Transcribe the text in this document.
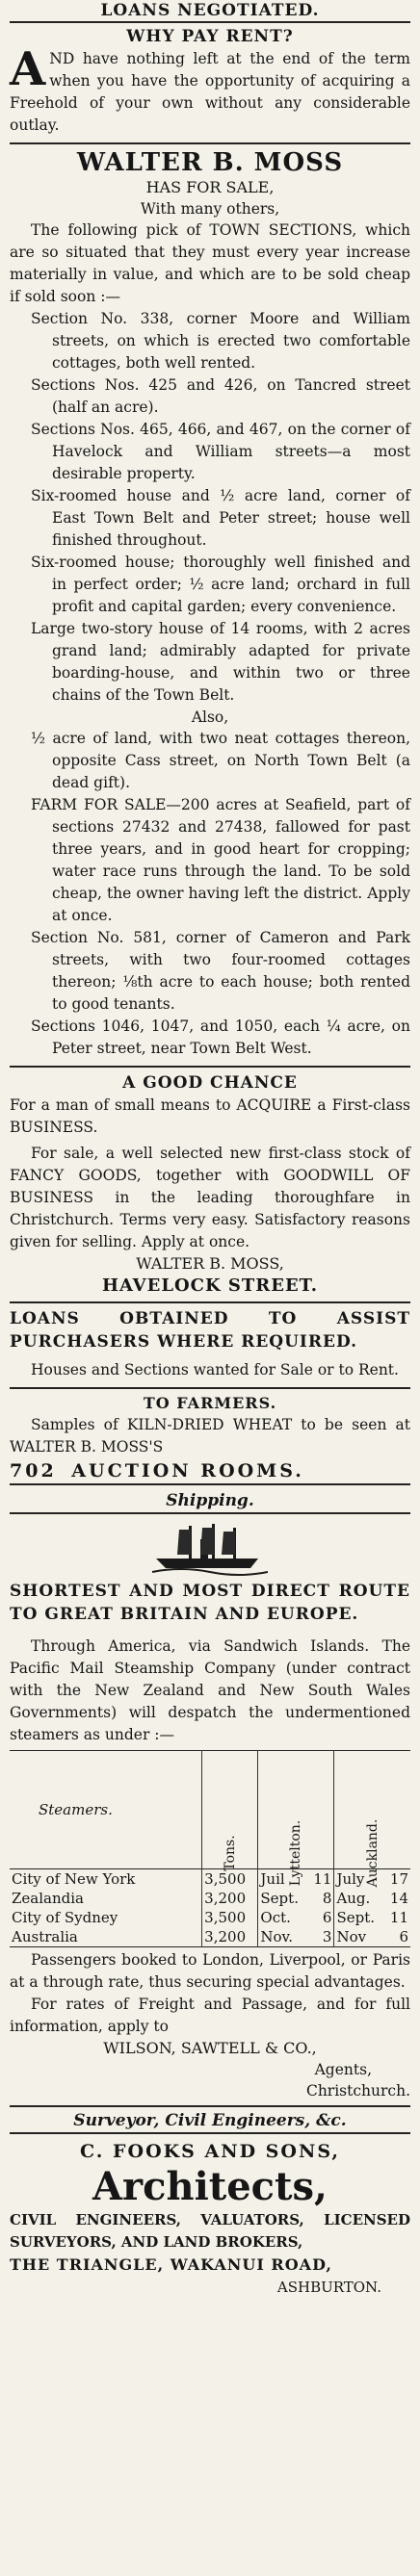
LOANS NEGOTIATED.
WHY PAY RENT?

AND have nothing left at the end of the term when you have the opportunity of acquiring a Freehold of your own without any considerable outlay.

WALTER B. MOSS
HAS FOR SALE,
With many others,

The following pick of TOWN SECTIONS, which are so situated that they must every year increase materially in value, and which are to be sold cheap if sold soon :—

Section No. 338, corner Moore and William streets, on which is erected two comfortable cottages, both well rented.

Sections Nos. 425 and 426, on Tancred street (half an acre).

Sections Nos. 465, 466, and 467, on the corner of Havelock and William streets—a most desirable property.

Six-roomed house and ½ acre land, corner of East Town Belt and Peter street; house well finished throughout.

Six-roomed house; thoroughly well finished and in perfect order; ½ acre land; orchard in full profit and capital garden; every convenience.

Large two-story house of 14 rooms, with 2 acres grand land; admirably adapted for private boarding-house, and within two or three chains of the Town Belt.

Also,

½ acre of land, with two neat cottages thereon, opposite Cass street, on North Town Belt (a dead gift).

FARM FOR SALE—200 acres at Seafield, part of sections 27432 and 27438, fallowed for past three years, and in good heart for cropping; water race runs through the land. To be sold cheap, the owner having left the district. Apply at once.

Section No. 581, corner of Cameron and Park streets, with two four-roomed cottages thereon; ⅛th acre to each house; both rented to good tenants.

Sections 1046, 1047, and 1050, each ¼ acre, on Peter street, near Town Belt West.

A GOOD CHANCE

For a man of small means to ACQUIRE a First-class BUSINESS.

For sale, a well selected new first-class stock of FANCY GOODS, together with GOODWILL OF BUSINESS in the leading thoroughfare in Christchurch. Terms very easy. Satisfactory reasons given for selling. Apply at once.

WALTER B. MOSS,
HAVELOCK STREET.
LOANS OBTAINED TO ASSIST PURCHASERS WHERE REQUIRED.

Houses and Sections wanted for Sale or to Rent.

TO FARMERS.

Samples of KILN-DRIED WHEAT to be seen at WALTER B. MOSS'S

702 AUCTION ROOMS.
Shipping.
SHORTEST AND MOST DIRECT ROUTE TO GREAT BRITAIN AND EUROPE.

Through America, via Sandwich Islands. The Pacific Mail Steamship Company (under contract with the New Zealand and New South Wales Governments) will despatch the undermentioned steamers as under :—

Steamers.	Tons.	Lyttelton.	Auckland.

City of New York	3,500	Juil 11	July 17

Zealandia	3,200	Sept. 8	Aug. 14

City of Sydney	3,500	Oct. 6	Sept. 11

Australia	3,200	Nov. 3	Nov 6

Passengers booked to London, Liverpool, or Paris at a through rate, thus securing special advantages.

For rates of Freight and Passage, and for full information, apply to

WILSON, SAWTELL & CO.,
Agents,
Christchurch.
Surveyor, Civil Engineers, &c.
C. FOOKS AND SONS,
Architects,

CIVIL ENGINEERS, VALUATORS, LICENSED SURVEYORS, AND LAND BROKERS,

THE TRIANGLE, WAKANUI ROAD,
ASHBURTON.
